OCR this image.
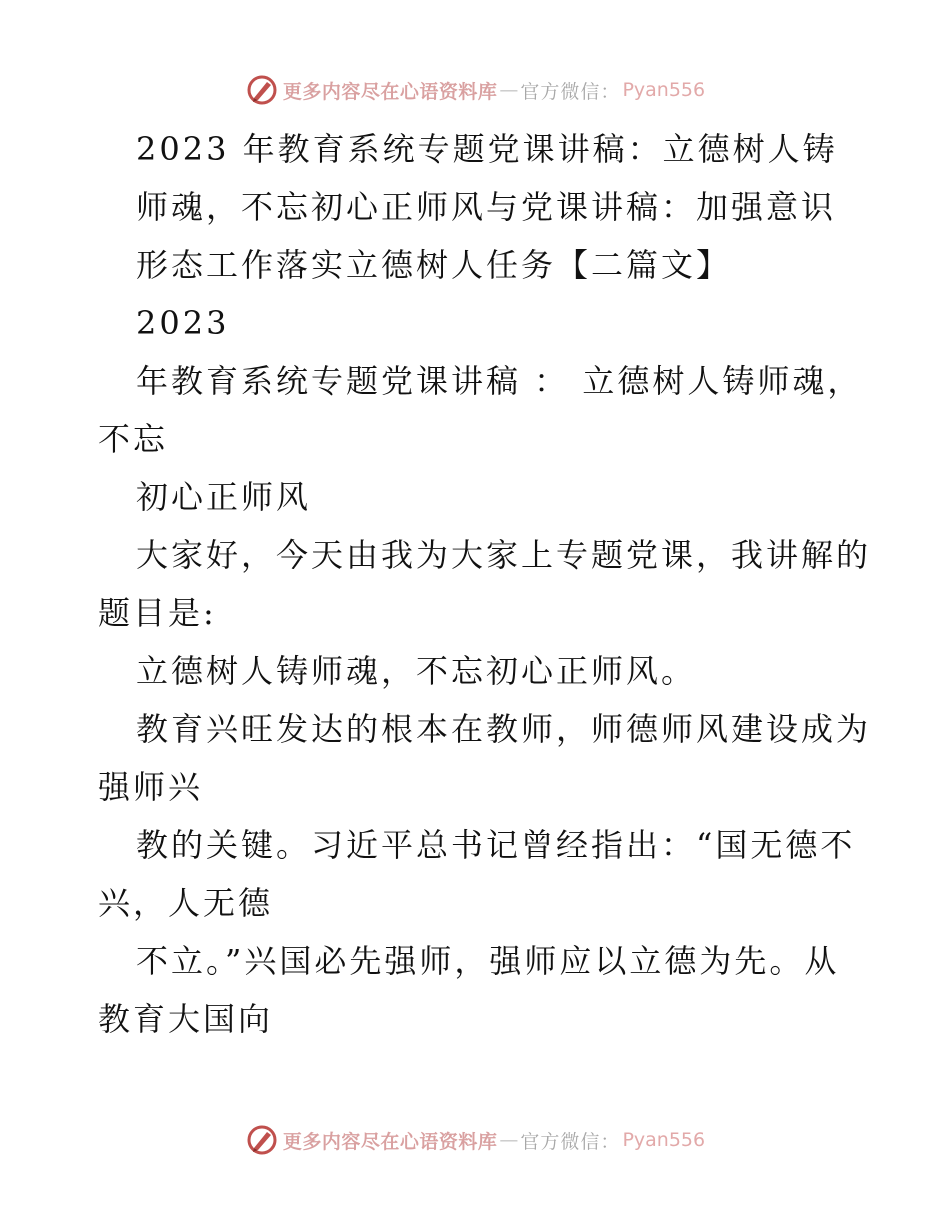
更多内容尽在心语资料库 — 官方微信： Pyan556
2023 年教育系统专题党课讲稿：立德树人铸
师魂，不忘初心正师风与党课讲稿：加强意识
形态工作落实立德树人任务【二篇文】
2023
年教育系统专题党课讲稿 ： 立德树人铸师魂，
不忘
初心正师风
大家好，今天由我为大家上专题党课，我讲解的
题目是:
立德树人铸师魂，不忘初心正师风。
教育兴旺发达的根本在教师，师德师风建设成为
强师兴
教的关键。习近平总书记曾经指出：“国无德不
兴，人无德
不立。”兴国必先强师，强师应以立德为先。从
教育大国向
更多内容尽在心语资料库 — 官方微信： Pyan556
